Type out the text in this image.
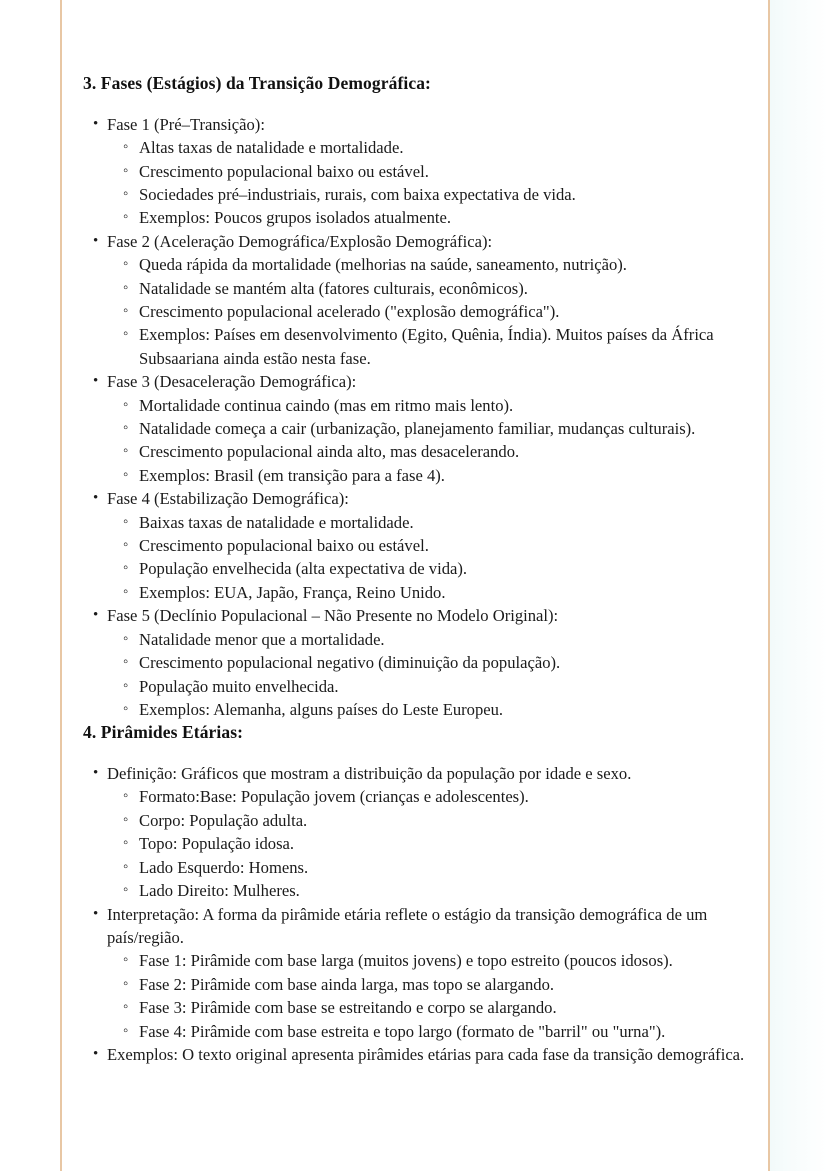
3. Fases (Estágios) da Transição Demográfica:
• Fase 1 (Pré–Transição):
◦ Altas taxas de natalidade e mortalidade.
◦ Crescimento populacional baixo ou estável.
◦ Sociedades pré–industriais, rurais, com baixa expectativa de vida.
◦ Exemplos: Poucos grupos isolados atualmente.
• Fase 2 (Aceleração Demográfica/Explosão Demográfica):
◦ Queda rápida da mortalidade (melhorias na saúde, saneamento, nutrição).
◦ Natalidade se mantém alta (fatores culturais, econômicos).
◦ Crescimento populacional acelerado ("explosão demográfica").
◦ Exemplos: Países em desenvolvimento (Egito, Quênia, Índia). Muitos países da África Subsaariana ainda estão nesta fase.
• Fase 3 (Desaceleração Demográfica):
◦ Mortalidade continua caindo (mas em ritmo mais lento).
◦ Natalidade começa a cair (urbanização, planejamento familiar, mudanças culturais).
◦ Crescimento populacional ainda alto, mas desacelerando.
◦ Exemplos: Brasil (em transição para a fase 4).
• Fase 4 (Estabilização Demográfica):
◦ Baixas taxas de natalidade e mortalidade.
◦ Crescimento populacional baixo ou estável.
◦ População envelhecida (alta expectativa de vida).
◦ Exemplos: EUA, Japão, França, Reino Unido.
• Fase 5 (Declínio Populacional – Não Presente no Modelo Original):
◦ Natalidade menor que a mortalidade.
◦ Crescimento populacional negativo (diminuição da população).
◦ População muito envelhecida.
◦ Exemplos: Alemanha, alguns países do Leste Europeu.
4. Pirâmides Etárias:
• Definição: Gráficos que mostram a distribuição da população por idade e sexo.
◦ Formato:Base: População jovem (crianças e adolescentes).
◦ Corpo: População adulta.
◦ Topo: População idosa.
◦ Lado Esquerdo: Homens.
◦ Lado Direito: Mulheres.
• Interpretação: A forma da pirâmide etária reflete o estágio da transição demográfica de um país/região.
◦ Fase 1: Pirâmide com base larga (muitos jovens) e topo estreito (poucos idosos).
◦ Fase 2: Pirâmide com base ainda larga, mas topo se alargando.
◦ Fase 3: Pirâmide com base se estreitando e corpo se alargando.
◦ Fase 4: Pirâmide com base estreita e topo largo (formato de "barril" ou "urna").
• Exemplos: O texto original apresenta pirâmides etárias para cada fase da transição demográfica.
